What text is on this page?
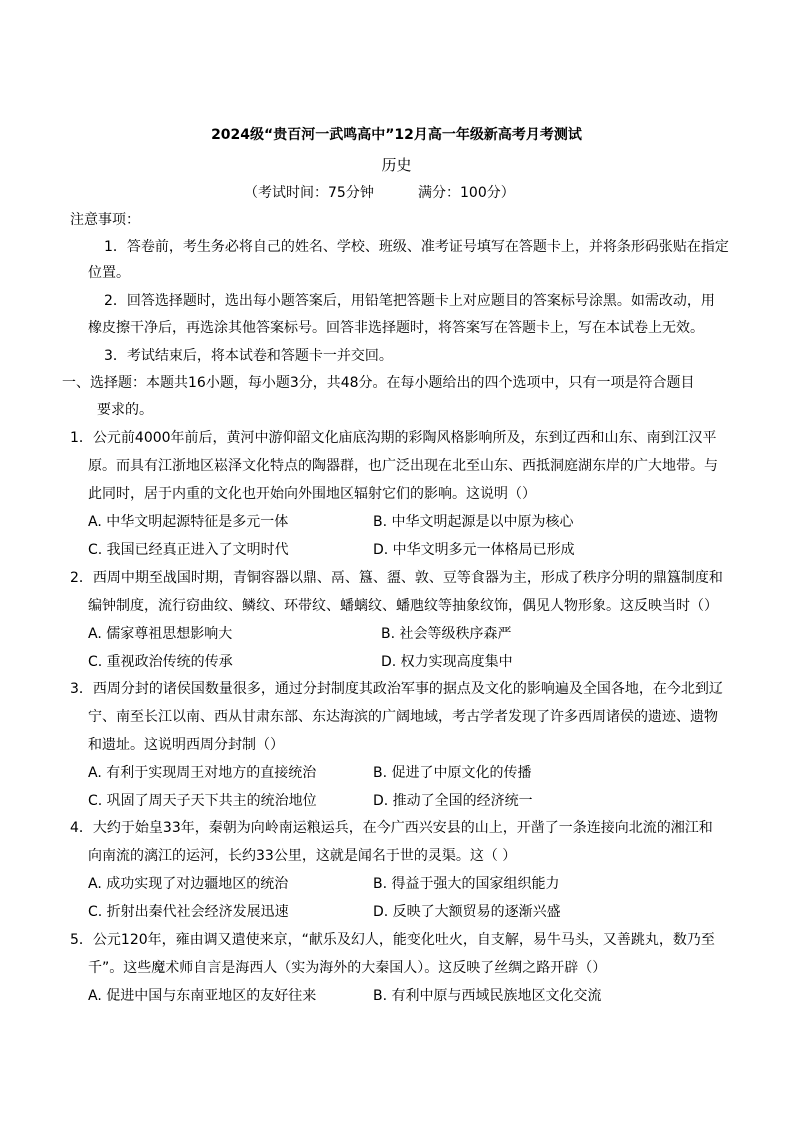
2024级“贵百河一武鸣高中”12月高一年级新高考月考测试
历史
（考试时间：75分钟	满分：100分）
注意事项：
1．答卷前，考生务必将自己的姓名、学校、班级、准考证号填写在答题卡上，并将条形码张贴在指定
位置。
2．回答选择题时，选出每小题答案后，用铅笔把答题卡上对应题目的答案标号涂黑。如需改动，用
橡皮擦干净后，再选涂其他答案标号。回答非选择题时，将答案写在答题卡上，写在本试卷上无效。
3．考试结束后，将本试卷和答题卡一并交回。
一、选择题：本题共16小题，每小题3分，共48分。在每小题给出的四个选项中，只有一项是符合题目
要求的。
1．公元前4000年前后，黄河中游仰韶文化庙底沟期的彩陶风格影响所及，东到辽西和山东、南到江汉平
原。而具有江浙地区崧泽文化特点的陶器群，也广泛出现在北至山东、西抵洞庭湖东岸的广大地带。与
此同时，居于内重的文化也开始向外围地区辐射它们的影响。这说明（）
A. 中华文明起源特征是多元一体	B. 中华文明起源是以中原为核心
C. 我国已经真正进入了文明时代	D. 中华文明多元一体格局已形成
2．西周中期至战国时期，青铜容器以鼎、鬲、簋、盨、敦、豆等食器为主，形成了秩序分明的鼎簋制度和
编钟制度，流行窃曲纹、鳞纹、环带纹、蟠螭纹、蟠虺纹等抽象纹饰，偶见人物形象。这反映当时（）
A. 儒家尊祖思想影响大	B. 社会等级秩序森严
C. 重视政治传统的传承	D. 权力实现高度集中
3．西周分封的诸侯国数量很多，通过分封制度其政治军事的据点及文化的影响遍及全国各地，在今北到辽
宁、南至长江以南、西从甘肃东部、东达海滨的广阔地域，考古学者发现了许多西周诸侯的遗迹、遗物
和遗址。这说明西周分封制（）
A. 有利于实现周王对地方的直接统治	B. 促进了中原文化的传播
C. 巩固了周天子天下共主的统治地位	D. 推动了全国的经济统一
4．大约于始皇33年，秦朝为向岭南运粮运兵，在今广西兴安县的山上，开凿了一条连接向北流的湘江和
向南流的漓江的运河，长约33公里，这就是闻名于世的灵渠。这（ ）
A. 成功实现了对边疆地区的统治	B. 得益于强大的国家组织能力
C. 折射出秦代社会经济发展迅速	D. 反映了大额贸易的逐渐兴盛
5．公元120年，雍由调又遣使来京，“献乐及幻人，能变化吐火，自支解，易牛马头，又善跳丸，数乃至
千”。这些魔术师自言是海西人（实为海外的大秦国人）。这反映了丝绸之路开辟（）
A. 促进中国与东南亚地区的友好往来	B. 有利中原与西域民族地区文化交流
